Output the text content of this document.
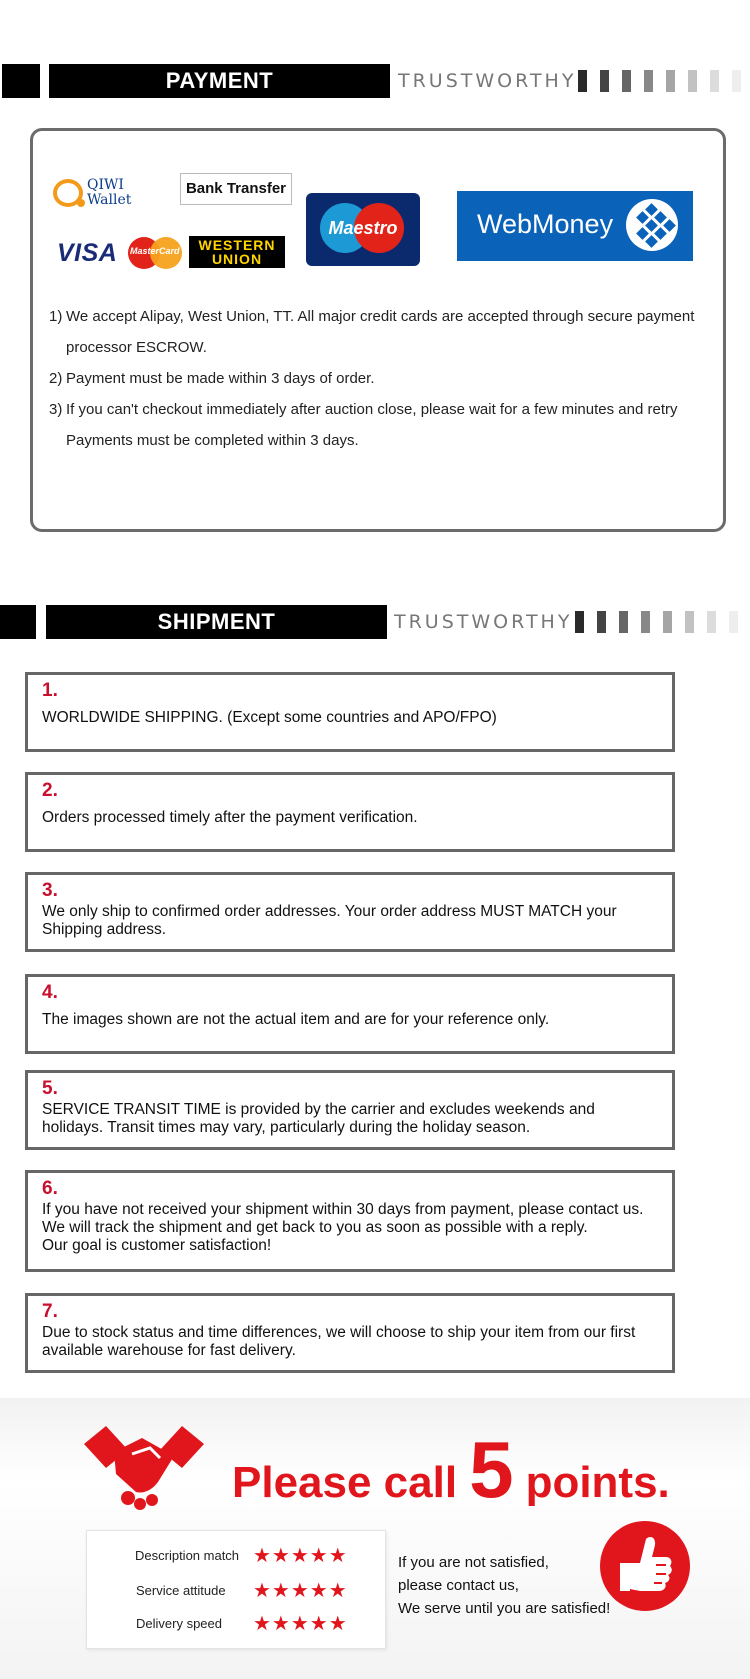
PAYMENT	TRUSTWORTHY
QIWI
Wallet
Bank Transfer
VISA MasterCard	WESTERN
UNION
Maestro	WebMoney
1) We accept Alipay, West Union, TT. All major credit cards are accepted through secure payment processor ESCROW.
2) Payment must be made within 3 days of order.
3) If you can't checkout immediately after auction close, please wait for a few minutes and retry Payments must be completed within 3 days.
SHIPMENT	TRUSTWORTHY
1.
WORLDWIDE SHIPPING. (Except some countries and APO/FPO)
2.
Orders processed timely after the payment verification.
3.
We only ship to confirmed order addresses. Your order address MUST MATCH your Shipping address.
4.
The images shown are not the actual item and are for your reference only.
5.
SERVICE TRANSIT TIME is provided by the carrier and excludes weekends and holidays. Transit times may vary, particularly during the holiday season.
6.
If you have not received your shipment within 30 days from payment, please contact us.
We will track the shipment and get back to you as soon as possible with a reply.
Our goal is customer satisfaction!
7.
Due to stock status and time differences, we will choose to ship your item from our first available warehouse for fast delivery.
Please call 5 points.
Description match ★★★★★
Service attitude ★★★★★
Delivery speed ★★★★★
If you are not satisfied,
please contact us,
We serve until you are satisfied!
